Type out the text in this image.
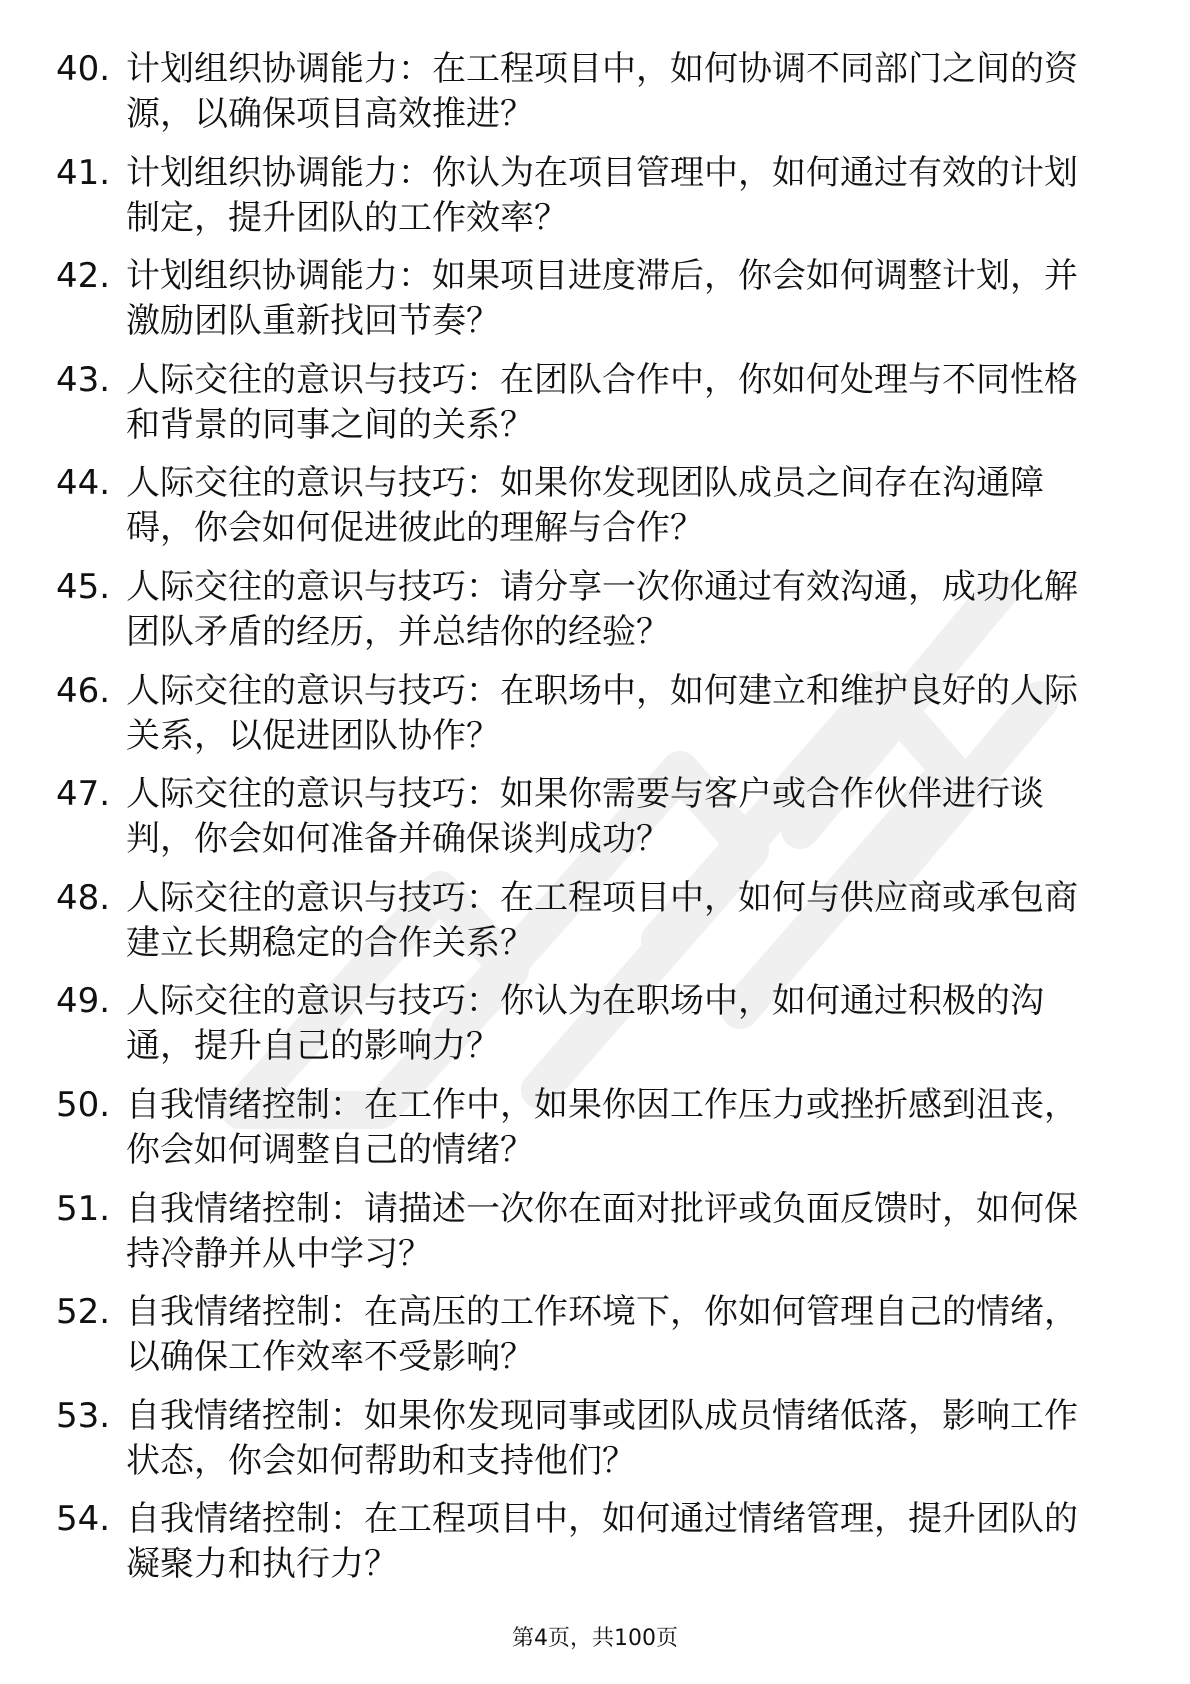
40. 计划组织协调能力：在工程项目中，如何协调不同部门之间的资源，以确保项目高效推进？
41. 计划组织协调能力：你认为在项目管理中，如何通过有效的计划制定，提升团队的工作效率？
42. 计划组织协调能力：如果项目进度滞后，你会如何调整计划，并激励团队重新找回节奏？
43. 人际交往的意识与技巧：在团队合作中，你如何处理与不同性格和背景的同事之间的关系？
44. 人际交往的意识与技巧：如果你发现团队成员之间存在沟通障碍，你会如何促进彼此的理解与合作？
45. 人际交往的意识与技巧：请分享一次你通过有效沟通，成功化解团队矛盾的经历，并总结你的经验？
46. 人际交往的意识与技巧：在职场中，如何建立和维护良好的人际关系，以促进团队协作？
47. 人际交往的意识与技巧：如果你需要与客户或合作伙伴进行谈判，你会如何准备并确保谈判成功？
48. 人际交往的意识与技巧：在工程项目中，如何与供应商或承包商建立长期稳定的合作关系？
49. 人际交往的意识与技巧：你认为在职场中，如何通过积极的沟通，提升自己的影响力？
50. 自我情绪控制：在工作中，如果你因工作压力或挫折感到沮丧，你会如何调整自己的情绪？
51. 自我情绪控制：请描述一次你在面对批评或负面反馈时，如何保持冷静并从中学习？
52. 自我情绪控制：在高压的工作环境下，你如何管理自己的情绪，以确保工作效率不受影响？
53. 自我情绪控制：如果你发现同事或团队成员情绪低落，影响工作状态，你会如何帮助和支持他们？
54. 自我情绪控制：在工程项目中，如何通过情绪管理，提升团队的凝聚力和执行力？
第4页，共100页
